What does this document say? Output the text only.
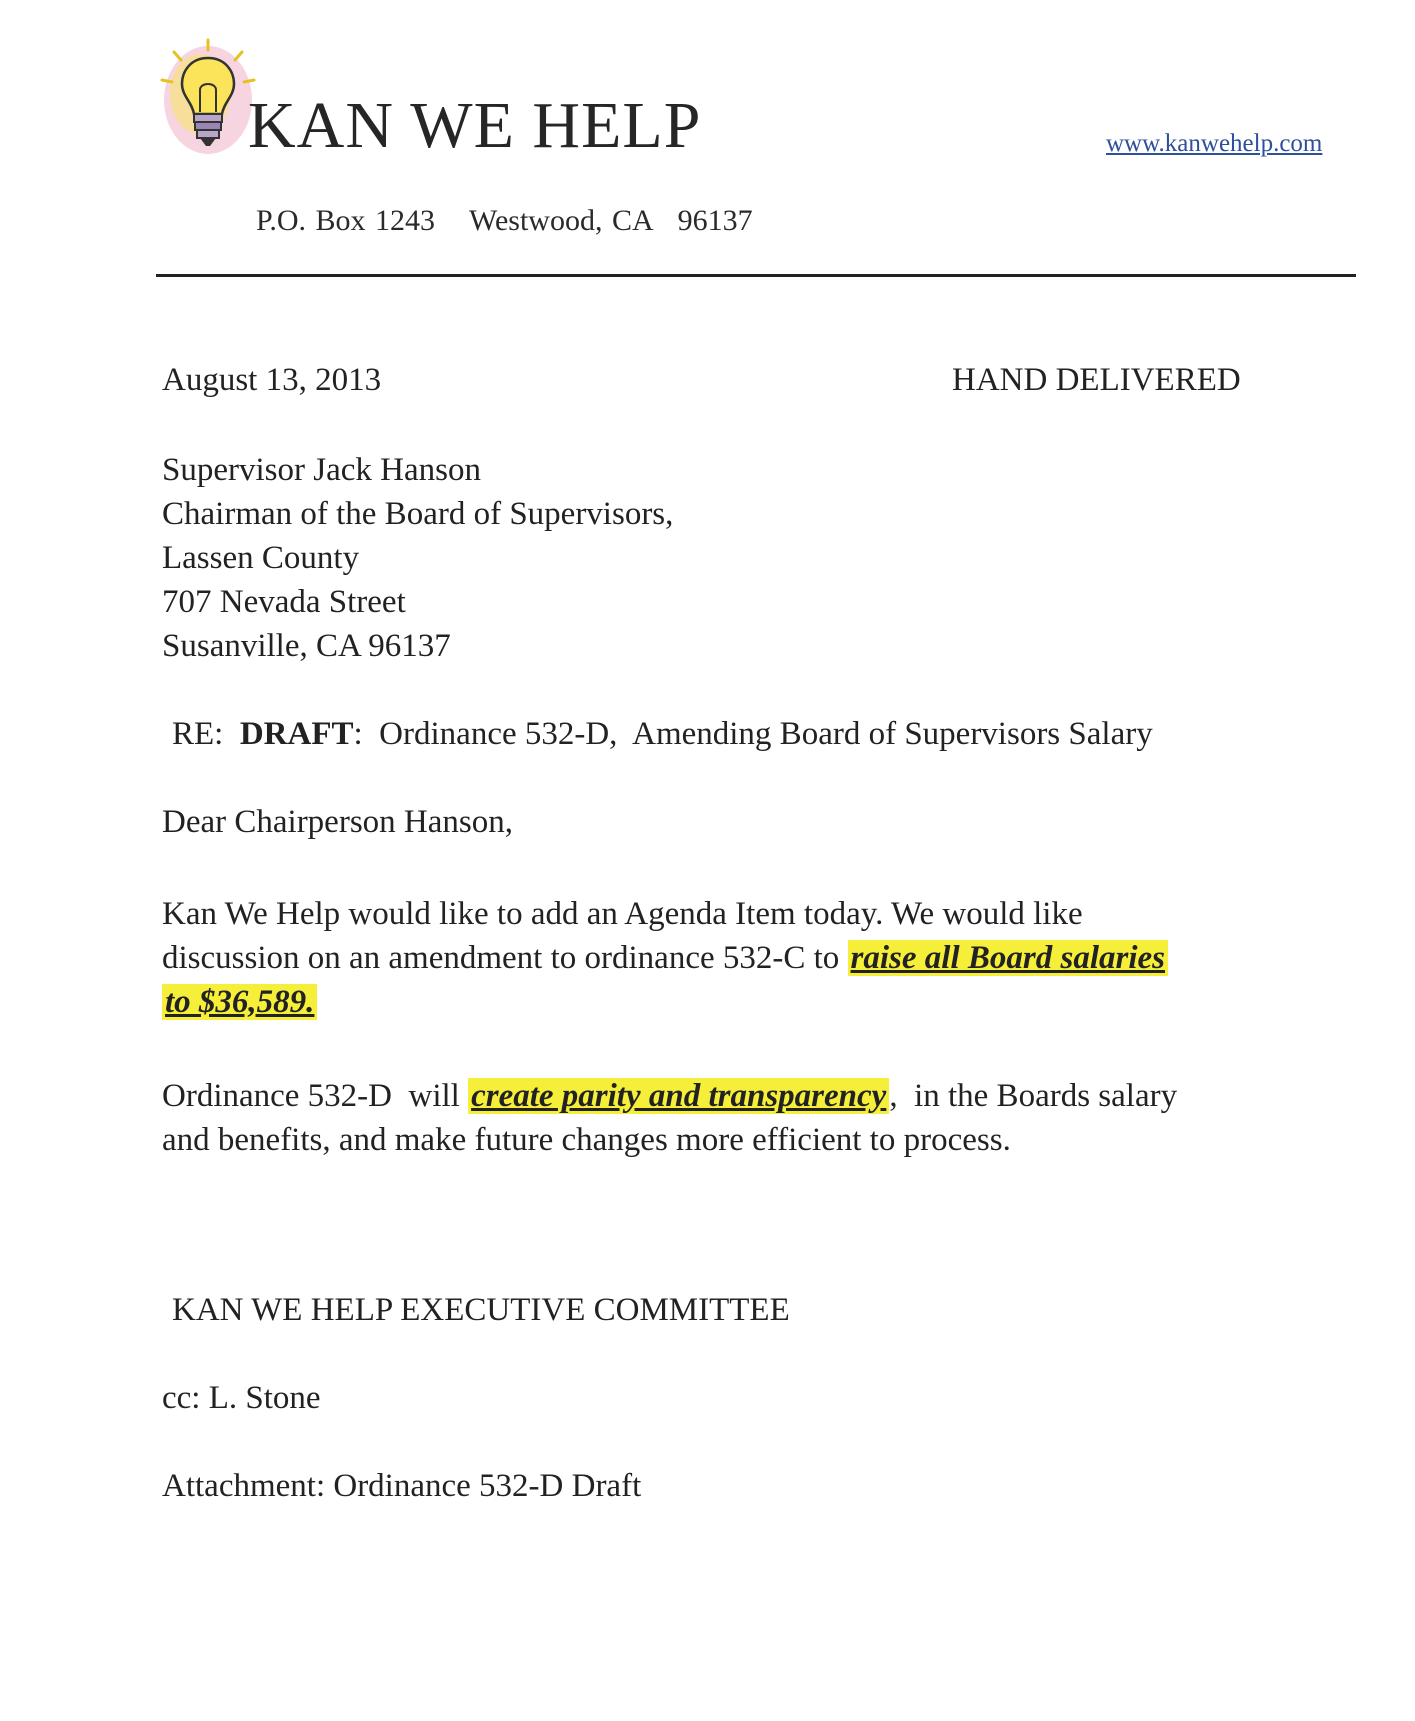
KAN WE HELP	www.kanwehelp.com
P.O. Box 1243 Westwood, CA 96137
August 13, 2013	HAND DELIVERED
Supervisor Jack Hanson
Chairman of the Board of Supervisors,
Lassen County
707 Nevada Street
Susanville, CA 96137
RE:  DRAFT:  Ordinance 532-D,  Amending Board of Supervisors Salary
Dear Chairperson Hanson,
Kan We Help would like to add an Agenda Item today. We would like
discussion on an amendment to ordinance 532-C to raise all Board salaries
to $36,589.
Ordinance 532-D  will create parity and transparency,  in the Boards salary
and benefits, and make future changes more efficient to process.
KAN WE HELP EXECUTIVE COMMITTEE
cc: L. Stone
Attachment: Ordinance 532-D Draft
